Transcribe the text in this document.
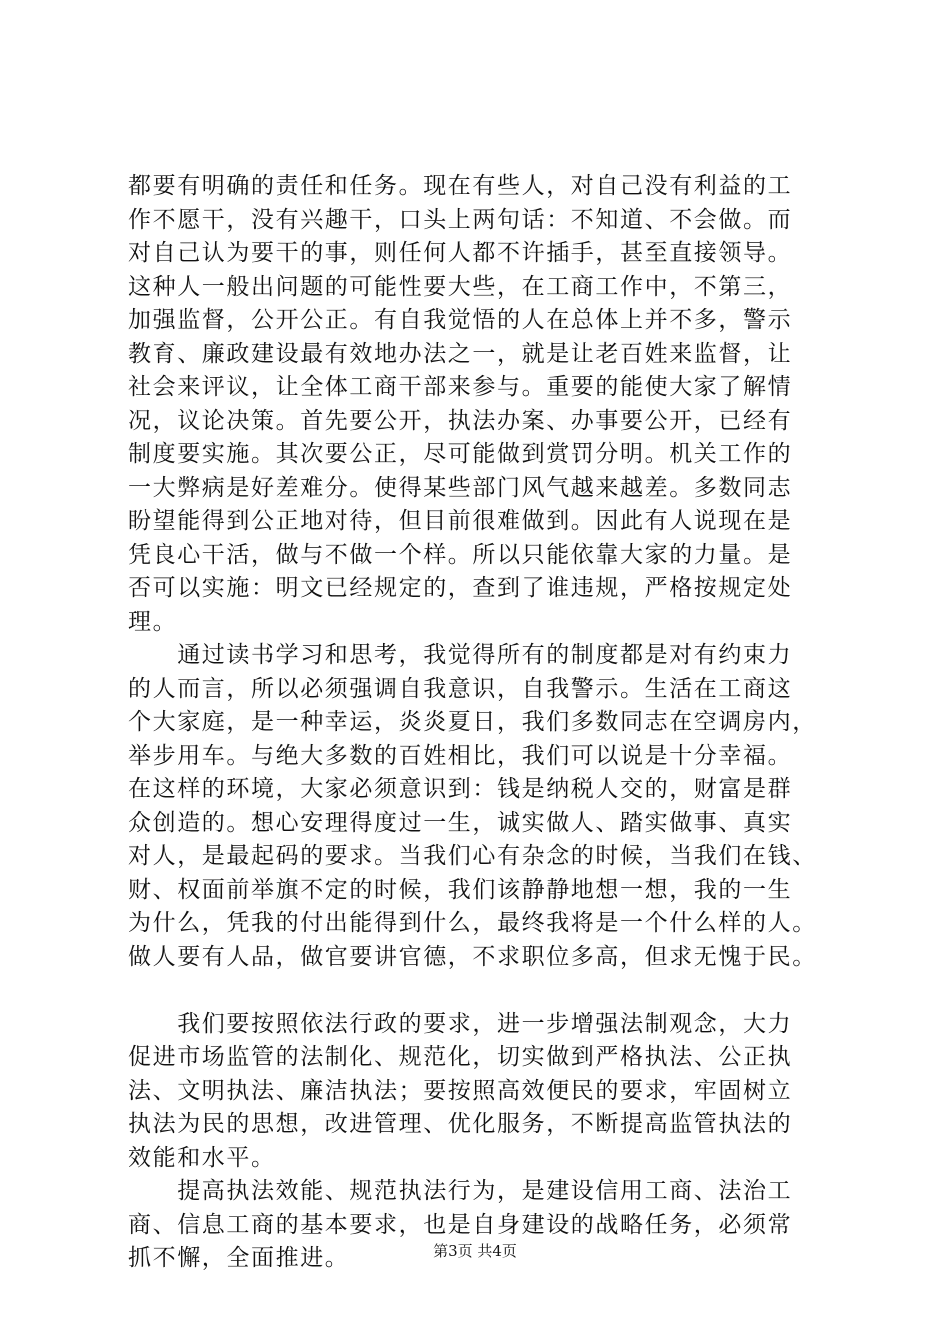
都要有明确的责任和任务。现在有些人，对自己没有利益的工
作不愿干，没有兴趣干，口头上两句话：不知道、不会做。而
对自己认为要干的事，则任何人都不许插手，甚至直接领导。
这种人一般出问题的可能性要大些，在工商工作中，不第三，
加强监督，公开公正。有自我觉悟的人在总体上并不多，警示
教育、廉政建设最有效地办法之一，就是让老百姓来监督，让
社会来评议，让全体工商干部来参与。重要的能使大家了解情
况，议论决策。首先要公开，执法办案、办事要公开，已经有
制度要实施。其次要公正，尽可能做到赏罚分明。机关工作的
一大弊病是好差难分。使得某些部门风气越来越差。多数同志
盼望能得到公正地对待，但目前很难做到。因此有人说现在是
凭良心干活，做与不做一个样。所以只能依靠大家的力量。是
否可以实施：明文已经规定的，查到了谁违规，严格按规定处
理。
　　通过读书学习和思考，我觉得所有的制度都是对有约束力
的人而言，所以必须强调自我意识，自我警示。生活在工商这
个大家庭，是一种幸运，炎炎夏日，我们多数同志在空调房内，
举步用车。与绝大多数的百姓相比，我们可以说是十分幸福。
在这样的环境，大家必须意识到：钱是纳税人交的，财富是群
众创造的。想心安理得度过一生，诚实做人、踏实做事、真实
对人，是最起码的要求。当我们心有杂念的时候，当我们在钱、
财、权面前举旗不定的时候，我们该静静地想一想，我的一生
为什么，凭我的付出能得到什么，最终我将是一个什么样的人。
做人要有人品，做官要讲官德，不求职位多高，但求无愧于民。
　　我们要按照依法行政的要求，进一步增强法制观念，大力
促进市场监管的法制化、规范化，切实做到严格执法、公正执
法、文明执法、廉洁执法；要按照高效便民的要求，牢固树立
执法为民的思想，改进管理、优化服务，不断提高监管执法的
效能和水平。
　　提高执法效能、规范执法行为，是建设信用工商、法治工
商、信息工商的基本要求，也是自身建设的战略任务，必须常
抓不懈，全面推进。	第3页 共4页
